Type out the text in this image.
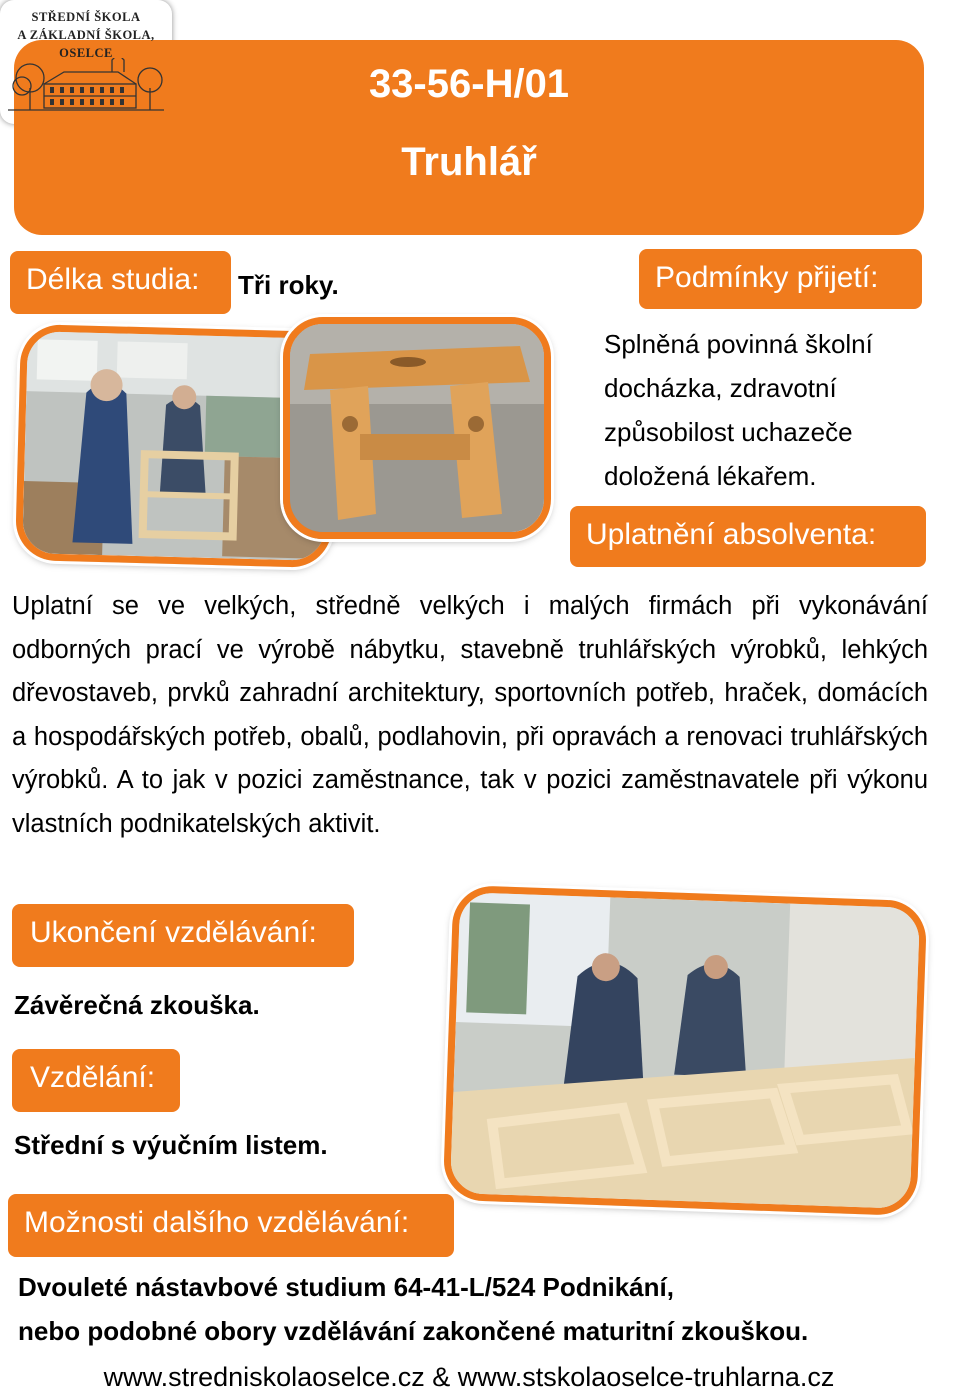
33-56-H/01
Truhlář
STŘEDNÍ ŠKOLA
A ZÁKLADNÍ ŠKOLA,
OSELCE
Délka studia:	Tři roky.	Podmínky přijetí:
Splněná povinná školní docházka, zdravotní způsobilost uchazeče doložená lékařem.
Uplatnění absolventa:
Uplatní se ve velkých, středně velkých i malých firmách při vykonávání odborných prací ve výrobě nábytku, stavebně truhlářských výrobků, lehkých dřevostaveb, prvků zahradní architektury, sportovních potřeb, hraček, domácích a hospodářských potřeb, obalů, podlahovin, při opravách a renovaci truhlářských výrobků. A to jak v pozici zaměstnance, tak v pozici zaměstnavatele při výkonu vlastních podnikatelských aktivit.
Ukončení vzdělávání:
Závěrečná zkouška.
Vzdělání:
Střední s výučním listem.
Možnosti dalšího vzdělávání:
Dvouleté nástavbové studium 64-41-L/524 Podnikání,
nebo podobné obory vzdělávání zakončené maturitní zkouškou.
www.stredniskolaoselce.cz & www.stskolaoselce-truhlarna.cz
